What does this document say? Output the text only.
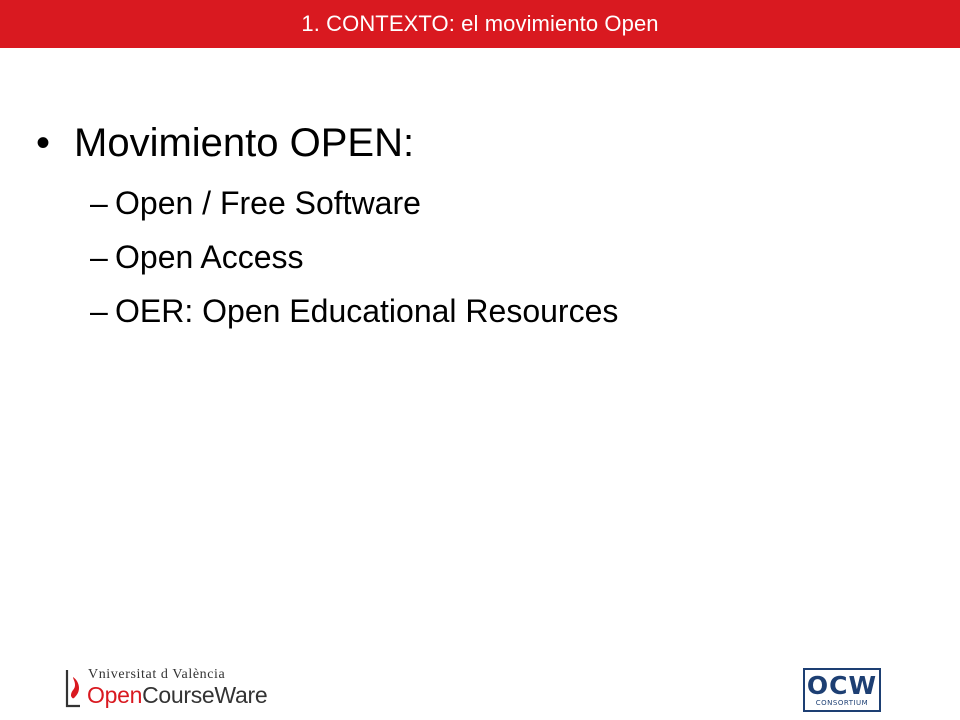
1. CONTEXTO: el movimiento Open
• Movimiento OPEN:
– Open / Free Software
– Open Access
– OER: Open Educational Resources
Vniversitat d València
OpenCourseWare	OCW
CONSORTIUM
